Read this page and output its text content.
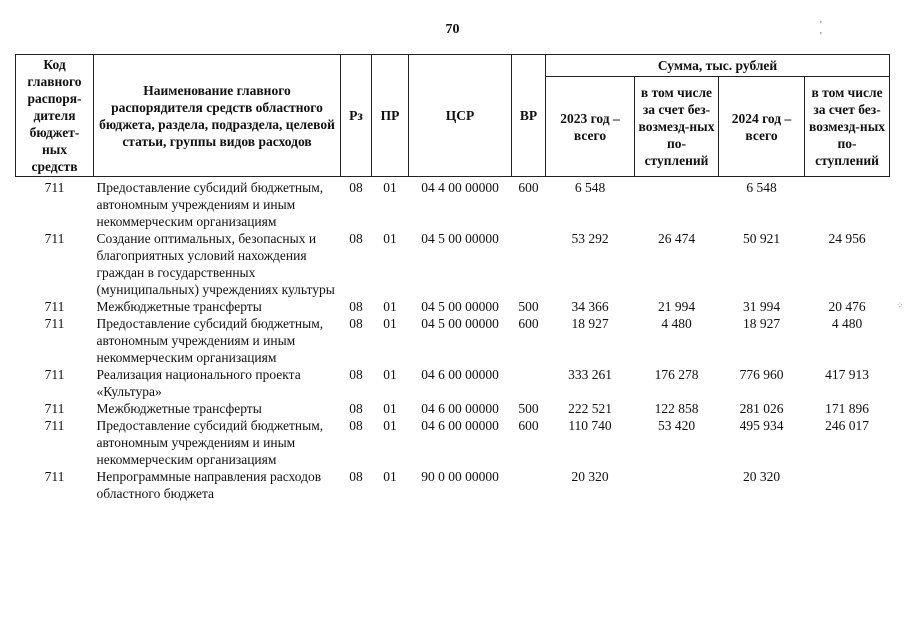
70	' '
⁘
Код главного распоря-дителя бюджет-ных средств	Наименование главного распорядителя средств областного бюджета, раздела, подраздела, целевой статьи, группы видов расходов	Рз	ПР	ЦСР	ВР	Сумма, тыс. рублей			
						2023 год – всего	в том числе за счет без-возмезд-ных по-ступлений	2024 год – всего	в том числе за счет без-возмезд-ных по-ступлений
711	Предоставление субсидий бюджетным, автономным учреждениям и иным некоммерческим организациям	08	01	04 4 00 00000	600	6 548		6 548	
711	Создание оптимальных, безопасных и благоприятных условий нахождения граждан в государственных (муниципальных) учреждениях культуры	08	01	04 5 00 00000		53 292	26 474	50 921	24 956
711	Межбюджетные трансферты	08	01	04 5 00 00000	500	34 366	21 994	31 994	20 476
711	Предоставление субсидий бюджетным, автономным учреждениям и иным некоммерческим организациям	08	01	04 5 00 00000	600	18 927	4 480	18 927	4 480
711	Реализация национального проекта «Культура»	08	01	04 6 00 00000		333 261	176 278	776 960	417 913
711	Межбюджетные трансферты	08	01	04 6 00 00000	500	222 521	122 858	281 026	171 896
711	Предоставление субсидий бюджетным, автономным учреждениям и иным некоммерческим организациям	08	01	04 6 00 00000	600	110 740	53 420	495 934	246 017
711	Непрограммные направления расходов областного бюджета	08	01	90 0 00 00000		20 320		20 320	
